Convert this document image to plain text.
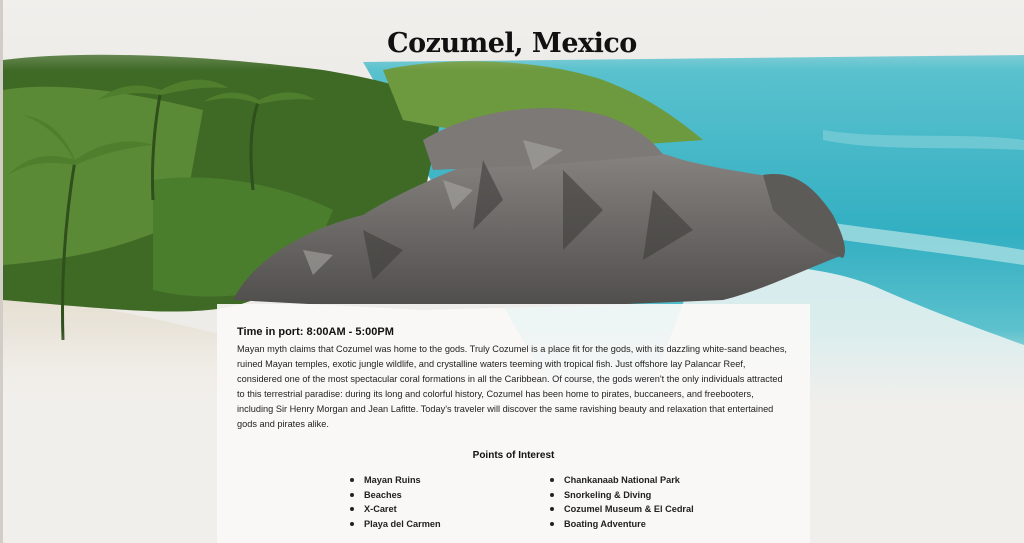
Cozumel, Mexico

Time in port: 8:00AM - 5:00PM

Mayan myth claims that Cozumel was home to the gods. Truly Cozumel is a place fit for the gods, with its dazzling white-sand beaches, ruined Mayan temples, exotic jungle wildlife, and crystalline waters teeming with tropical fish. Just offshore lay Palancar Reef, considered one of the most spectacular coral formations in all the Caribbean. Of course, the gods weren't the only individuals attracted to this terrestrial paradise: during its long and colorful history, Cozumel has been home to pirates, buccaneers, and freebooters, including Sir Henry Morgan and Jean Lafitte. Today's traveler will discover the same ravishing beauty and relaxation that entertained gods and pirates alike.

Points of Interest
Mayan Ruins
Beaches
X-Caret
Playa del Carmen
Chankanaab National Park
Snorkeling & Diving
Cozumel Museum & El Cedral
Boating Adventure
